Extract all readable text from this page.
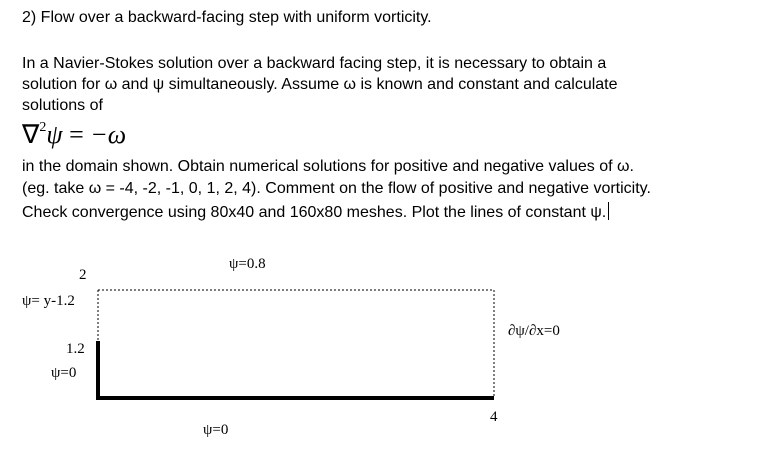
2) Flow over a backward-facing step with uniform vorticity.
In a Navier-Stokes solution over a backward facing step, it is necessary to obtain a
solution for ω and ψ simultaneously. Assume ω is known and constant and calculate
solutions of
∇$^2$ψ = −ω
in the domain shown. Obtain numerical solutions for positive and negative values of ω.
(eg. take ω = -4, -2, -1, 0, 1, 2, 4). Comment on the flow of positive and negative vorticity.
Check convergence using 80x40 and 160x80 meshes. Plot the lines of constant ψ.
2
ψ= y-1.2
1.2
ψ=0
ψ=0.8
∂ψ/∂x=0
4
ψ=0
